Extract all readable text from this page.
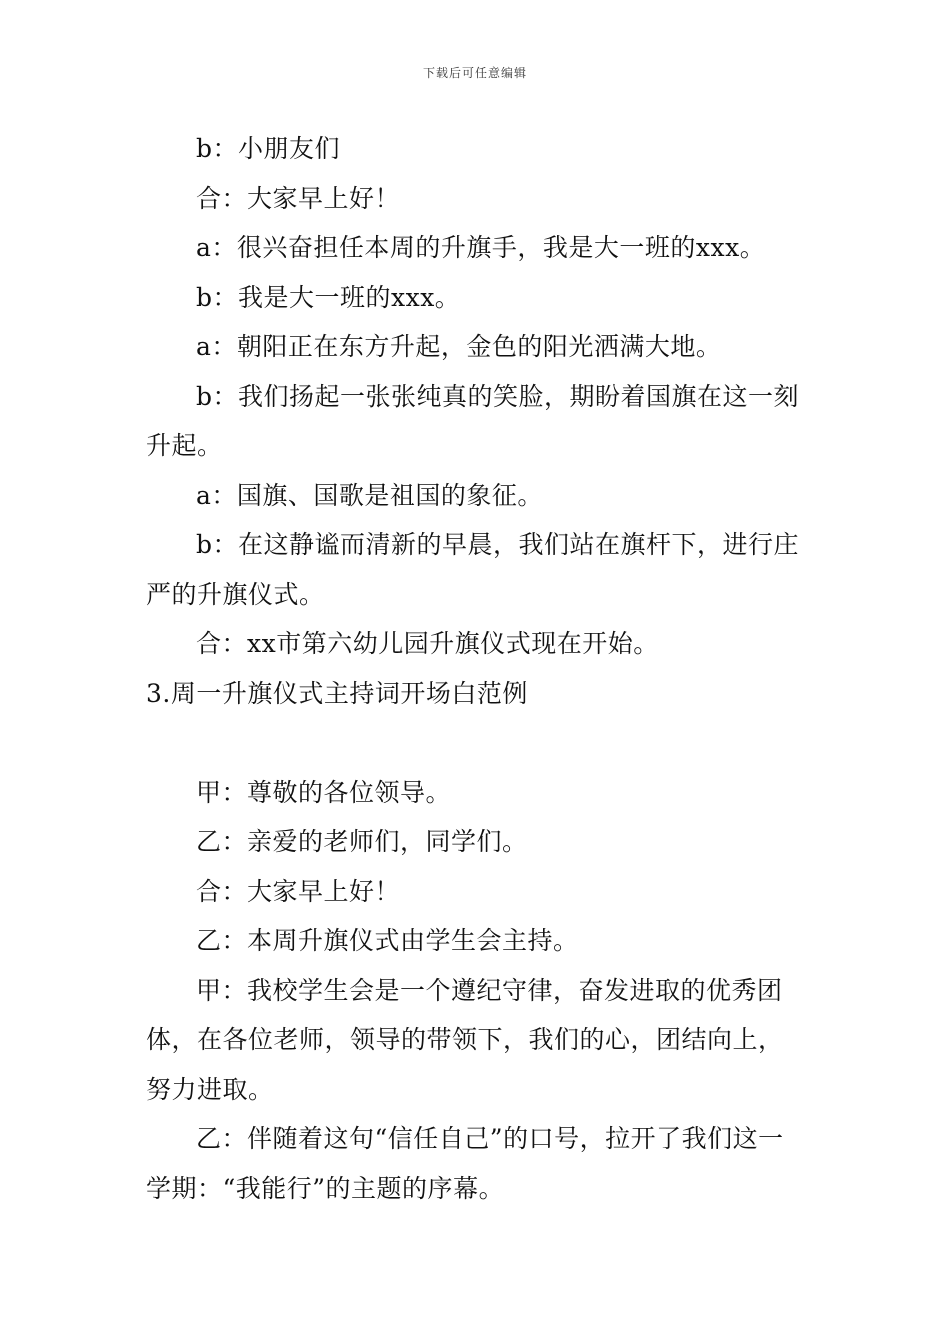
下载后可任意编辑

b：小朋友们

合：大家早上好！

a：很兴奋担任本周的升旗手，我是大一班的xxx。

b：我是大一班的xxx。

a：朝阳正在东方升起，金色的阳光洒满大地。

b：我们扬起一张张纯真的笑脸，期盼着国旗在这一刻升起。

a：国旗、国歌是祖国的象征。

b：在这静谧而清新的早晨，我们站在旗杆下，进行庄严的升旗仪式。

合：xx市第六幼儿园升旗仪式现在开始。

3.周一升旗仪式主持词开场白范例

甲：尊敬的各位领导。

乙：亲爱的老师们，同学们。

合：大家早上好！

乙：本周升旗仪式由学生会主持。

甲：我校学生会是一个遵纪守律，奋发进取的优秀团体，在各位老师，领导的带领下，我们的心，团结向上，努力进取。

乙：伴随着这句“信任自己”的口号，拉开了我们这一学期：“我能行”的主题的序幕。
